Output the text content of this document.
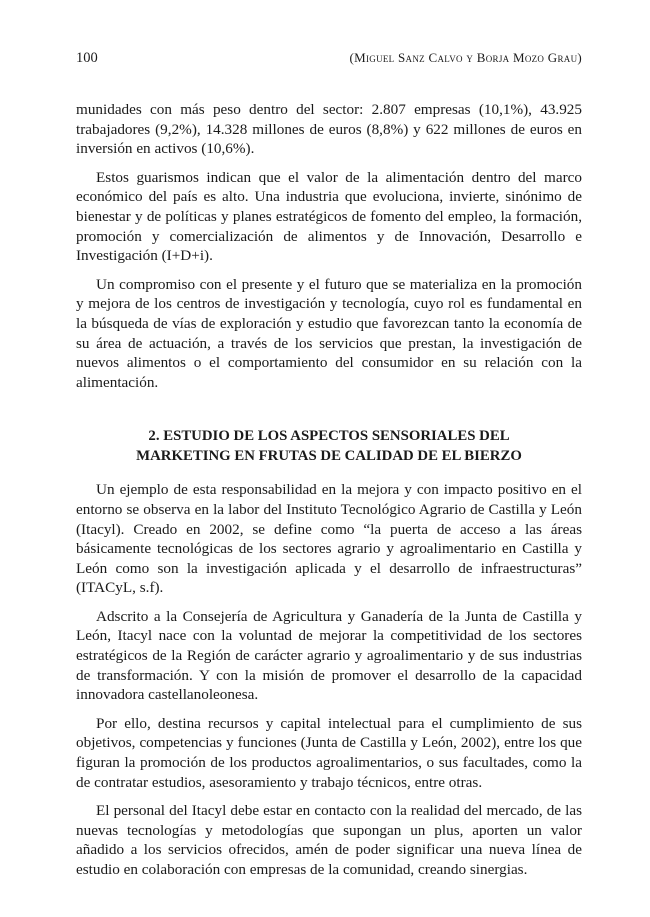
100	(Miguel Sanz Calvo y Borja Mozo Grau)

munidades con más peso dentro del sector: 2.807 empresas (10,1%), 43.925 trabajadores (9,2%), 14.328 millones de euros (8,8%) y 622 millones de euros en inversión en activos (10,6%).

Estos guarismos indican que el valor de la alimentación dentro del marco económico del país es alto. Una industria que evoluciona, invierte, sinónimo de bienestar y de políticas y planes estratégicos de fomento del empleo, la formación, promoción y comercialización de alimentos y de Innovación, Desarrollo e Investigación (I+D+i).

Un compromiso con el presente y el futuro que se materializa en la promoción y mejora de los centros de investigación y tecnología, cuyo rol es fundamental en la búsqueda de vías de exploración y estudio que favorezcan tanto la economía de su área de actuación, a través de los servicios que prestan, la investigación de nuevos alimentos o el comportamiento del consumidor en su relación con la alimentación.

2. ESTUDIO DE LOS ASPECTOS SENSORIALES DEL MARKETING EN FRUTAS DE CALIDAD DE EL BIERZO

Un ejemplo de esta responsabilidad en la mejora y con impacto positivo en el entorno se observa en la labor del Instituto Tecnológico Agrario de Castilla y León (Itacyl). Creado en 2002, se define como “la puerta de acceso a las áreas básicamente tecnológicas de los sectores agrario y agroalimentario en Castilla y León como son la investigación aplicada y el desarrollo de infraestructuras” (ITACyL, s.f).

Adscrito a la Consejería de Agricultura y Ganadería de la Junta de Castilla y León, Itacyl nace con la voluntad de mejorar la competitividad de los sectores estratégicos de la Región de carácter agrario y agroalimentario y de sus industrias de transformación. Y con la misión de promover el desarrollo de la capacidad innovadora castellanoleonesa.

Por ello, destina recursos y capital intelectual para el cumplimiento de sus objetivos, competencias y funciones (Junta de Castilla y León, 2002), entre los que figuran la promoción de los productos agroalimentarios, o sus facultades, como la de contratar estudios, asesoramiento y trabajo técnicos, entre otras.

El personal del Itacyl debe estar en contacto con la realidad del mercado, de las nuevas tecnologías y metodologías que supongan un plus, aporten un valor añadido a los servicios ofrecidos, amén de poder significar una nueva línea de estudio en colaboración con empresas de la comunidad, creando sinergias.
